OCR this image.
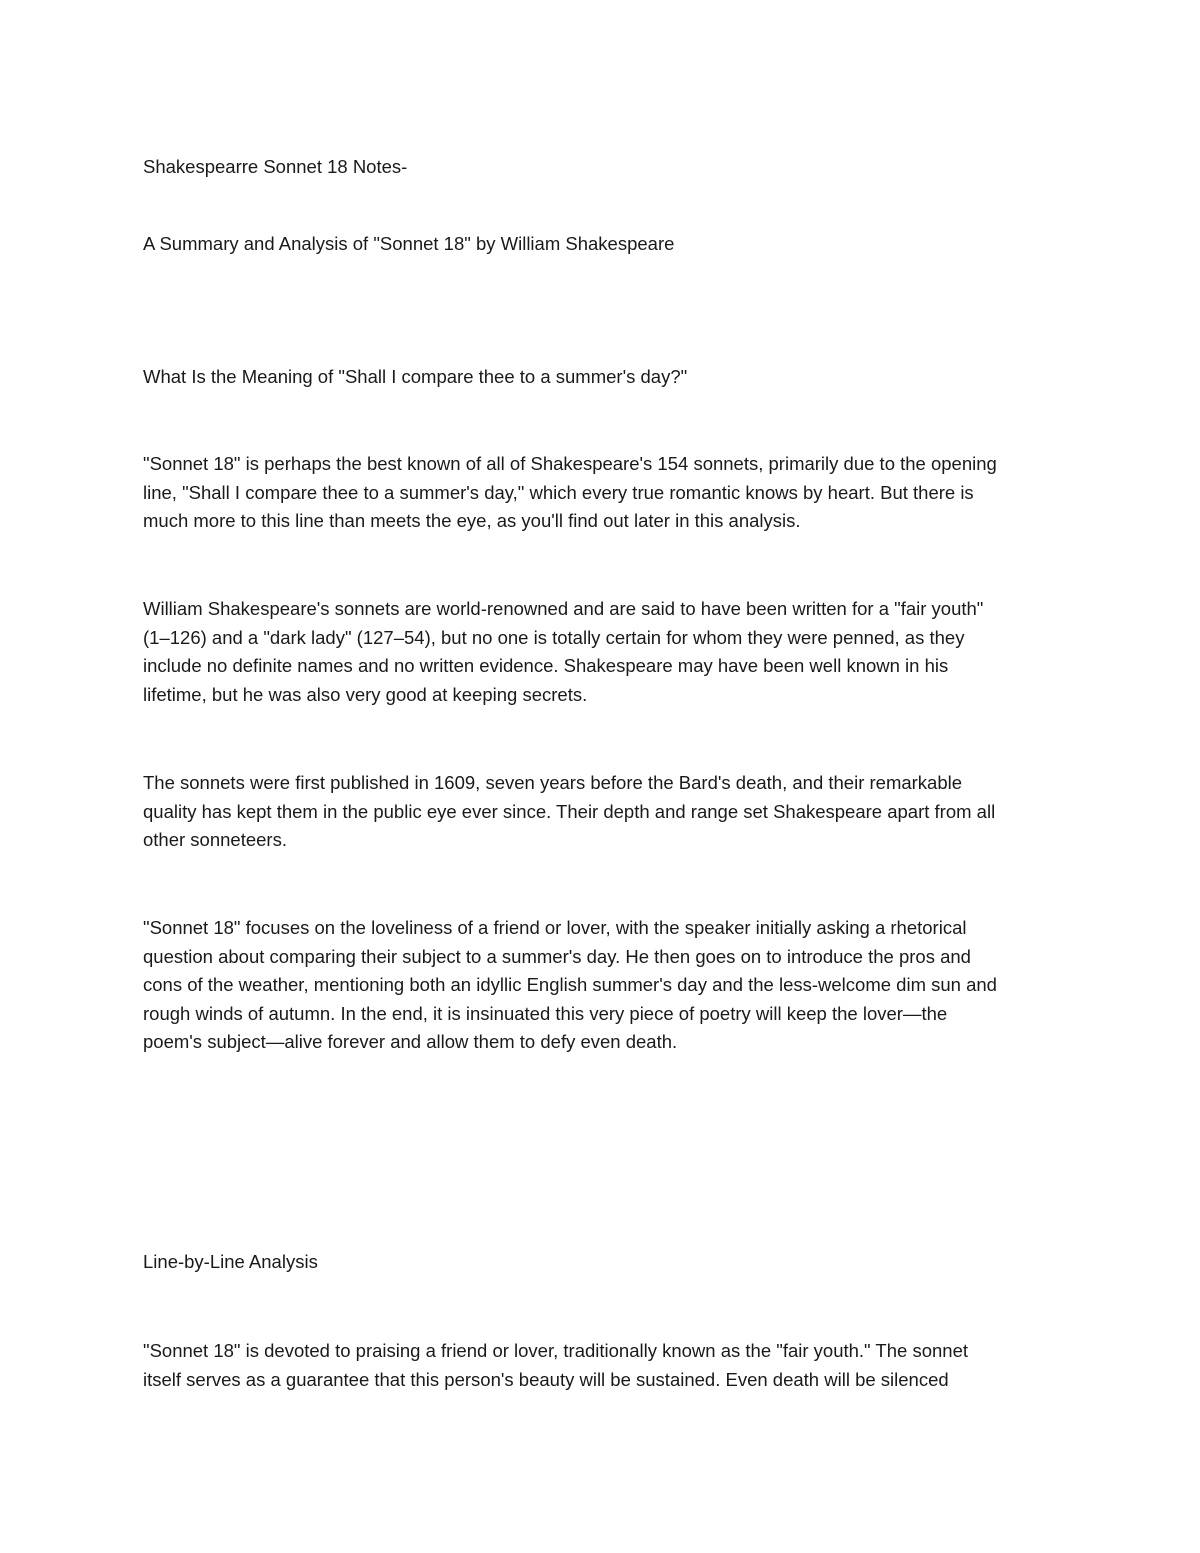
Shakespearre Sonnet 18 Notes-

A Summary and Analysis of "Sonnet 18" by William Shakespeare

What Is the Meaning of "Shall I compare thee to a summer's day?"

"Sonnet 18" is perhaps the best known of all of Shakespeare's 154 sonnets, primarily due to the opening
line, "Shall I compare thee to a summer's day," which every true romantic knows by heart. But there is
much more to this line than meets the eye, as you'll find out later in this analysis.
William Shakespeare's sonnets are world-renowned and are said to have been written for a "fair youth"
(1–126) and a "dark lady" (127–54), but no one is totally certain for whom they were penned, as they
include no definite names and no written evidence. Shakespeare may have been well known in his
lifetime, but he was also very good at keeping secrets.
The sonnets were first published in 1609, seven years before the Bard's death, and their remarkable
quality has kept them in the public eye ever since. Their depth and range set Shakespeare apart from all
other sonneteers.
"Sonnet 18" focuses on the loveliness of a friend or lover, with the speaker initially asking a rhetorical
question about comparing their subject to a summer's day. He then goes on to introduce the pros and
cons of the weather, mentioning both an idyllic English summer's day and the less-welcome dim sun and
rough winds of autumn. In the end, it is insinuated this very piece of poetry will keep the lover—the
poem's subject—alive forever and allow them to defy even death.

Line-by-Line Analysis

"Sonnet 18" is devoted to praising a friend or lover, traditionally known as the "fair youth." The sonnet
itself serves as a guarantee that this person's beauty will be sustained. Even death will be silenced
